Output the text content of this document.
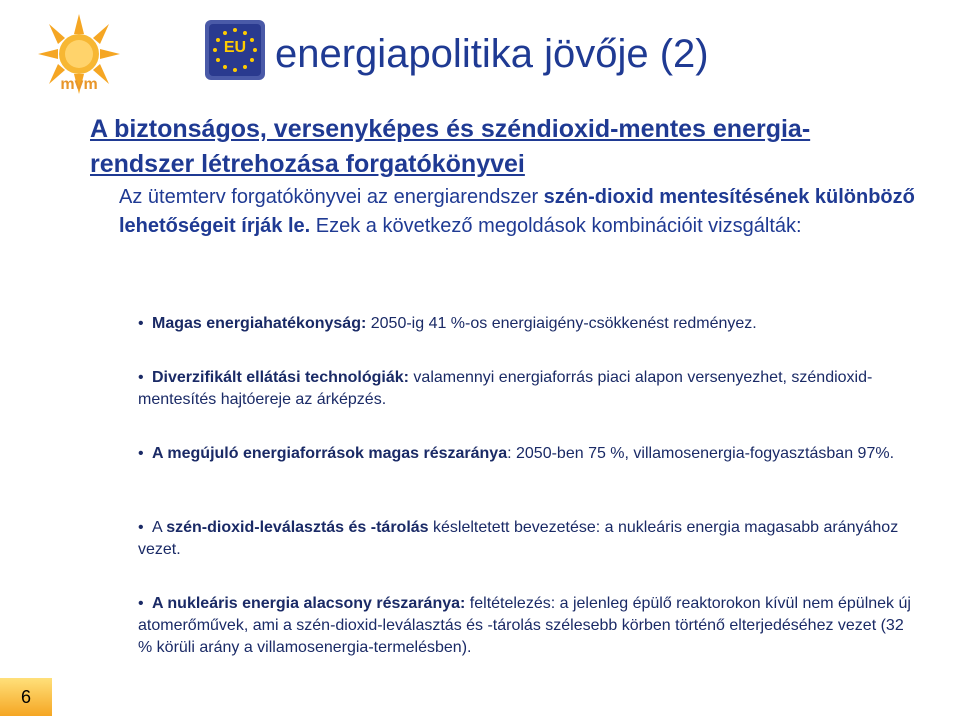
mvm
EU energiapolitika jövője (2)
A biztonságos, versenyképes és széndioxid-mentes energia-rendszer létrehozása forgatókönyvei

Az ütemterv forgatókönyvei az energiarendszer szén-dioxid mentesítésének különböző lehetőségeit írják le. Ezek a következő megoldások kombinációit vizsgálták:

• Magas energiahatékonyság: 2050-ig 41 %-os energiaigény-csökkenést redményez.

• Diverzifikált ellátási technológiák: valamennyi energiaforrás piaci alapon versenyezhet, széndioxid-mentesítés hajtóereje az árképzés.

• A megújuló energiaforrások magas részaránya: 2050-ben 75 %, villamosenergia-fogyasztásban 97%.

• A szén-dioxid-leválasztás és -tárolás késleltetett bevezetése: a nukleáris energia magasabb arányához vezet.

• A nukleáris energia alacsony részaránya: feltételezés: a jelenleg épülő reaktorokon kívül nem épülnek új atomerőművek, ami a szén-dioxid-leválasztás és -tárolás szélesebb körben történő elterjedéséhez vezet (32 % körüli arány a villamosenergia-termelésben).

6
